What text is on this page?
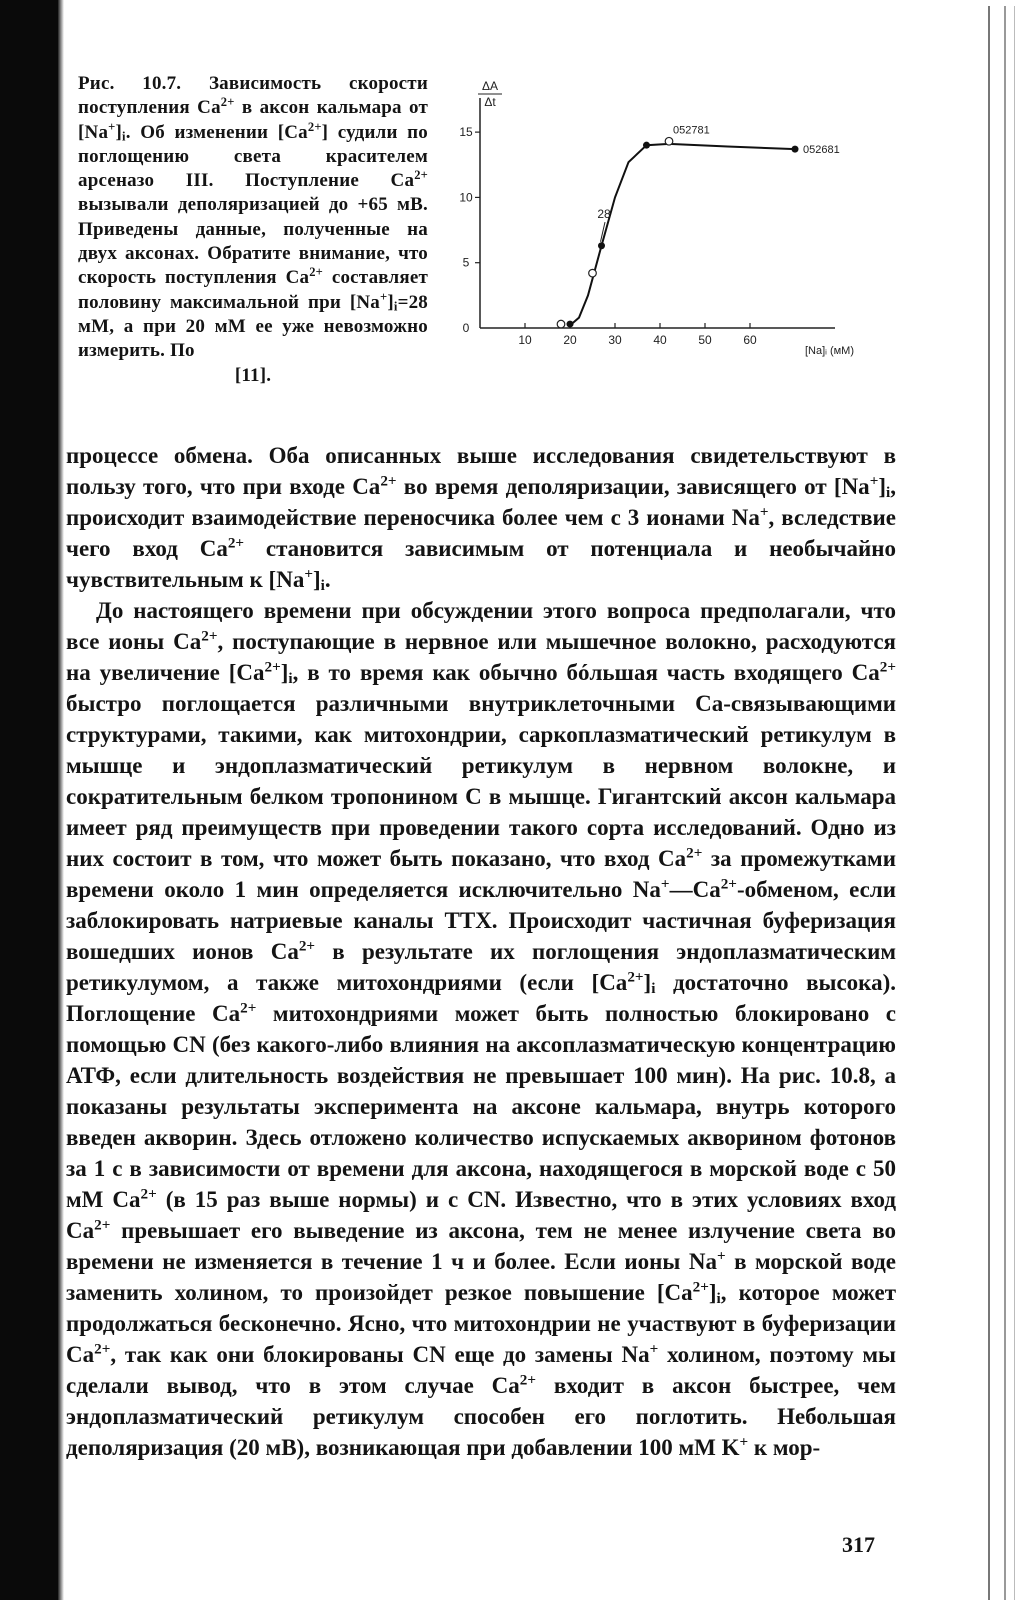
Рис. 10.7. Зависимость скорости поступления $Ca^{2+}$ в аксон кальмара от $[Na^+]_i$. Об изменении $[Ca^{2+}]$ судили по поглощению света красителем арсеназо III. Поступление $Ca^{2+}$ вызывали деполяризацией до +65 мВ. Приведены данные, полученные на двух аксонах. Обратите внимание, что скорость поступления $Ca^{2+}$ составляет половину максимальной при $[Na^+]_i=28$ мМ, а при 20 мМ ее уже невозможно измерить. По
[11].
ΔA
Δt
0
5
10
15
10	20	30	40	50	60
[Na]ᵢ (мМ)
052781
052681
28

процессе обмена. Оба описанных выше исследования свидетельствуют в пользу того, что при входе $Ca^{2+}$ во время деполяризации, зависящего от $[Na^+]_i$, происходит взаимодействие переносчика более чем с 3 ионами Na+, вследствие чего вход $Ca^{2+}$ становится зависимым от потенциала и необычайно чувствительным к $[Na^+]_i$.

До настоящего времени при обсуждении этого вопроса предполагали, что все ионы $Ca^{2+}$, поступающие в нервное или мышечное волокно, расходуются на увеличение $[Ca^{2+}]_i$, в то время как обычно бóльшая часть входящего $Ca^{2+}$ быстро поглощается различными внутриклеточными Ca-связывающими структурами, такими, как митохондрии, саркоплазматический ретикулум в мышце и эндоплазматический ретикулум в нервном волокне, и сократительным белком тропонином С в мышце. Гигантский аксон кальмара имеет ряд преимуществ при проведении такого сорта исследований. Одно из них состоит в том, что может быть показано, что вход $Ca^{2+}$ за промежутками времени около 1 мин определяется исключительно $Na^+—Ca^{2+}$-обменом, если заблокировать натриевые каналы ТТХ. Происходит частичная буферизация вошедших ионов $Ca^{2+}$ в результате их поглощения эндоплазматическим ретикулумом, а также митохондриями (если $[Ca^{2+}]_i$ достаточно высока). Поглощение $Ca^{2+}$ митохондриями может быть полностью блокировано с помощью CN (без какого-либо влияния на аксоплазматическую концентрацию АТФ, если длительность воздействия не превышает 100 мин). На рис. 10.8, а показаны результаты эксперимента на аксоне кальмара, внутрь которого введен акворин. Здесь отложено количество испускаемых акворином фотонов за 1 с в зависимости от времени для аксона, находящегося в морской воде с 50 мМ $Ca^{2+}$ (в 15 раз выше нормы) и с CN. Известно, что в этих условиях вход $Ca^{2+}$ превышает его выведение из аксона, тем не менее излучение света во времени не изменяется в течение 1 ч и более. Если ионы Na+ в морской воде заменить холином, то произойдет резкое повышение $[Ca^{2+}]_i$, которое может продолжаться бесконечно. Ясно, что митохондрии не участвуют в буферизации $Ca^{2+}$, так как они блокированы CN еще до замены Na+ холином, поэтому мы сделали вывод, что в этом случае $Ca^{2+}$ входит в аксон быстрее, чем эндоплазматический ретикулум способен его поглотить. Небольшая деполяризация (20 мВ), возникающая при добавлении 100 мМ K+ к мор-

317
